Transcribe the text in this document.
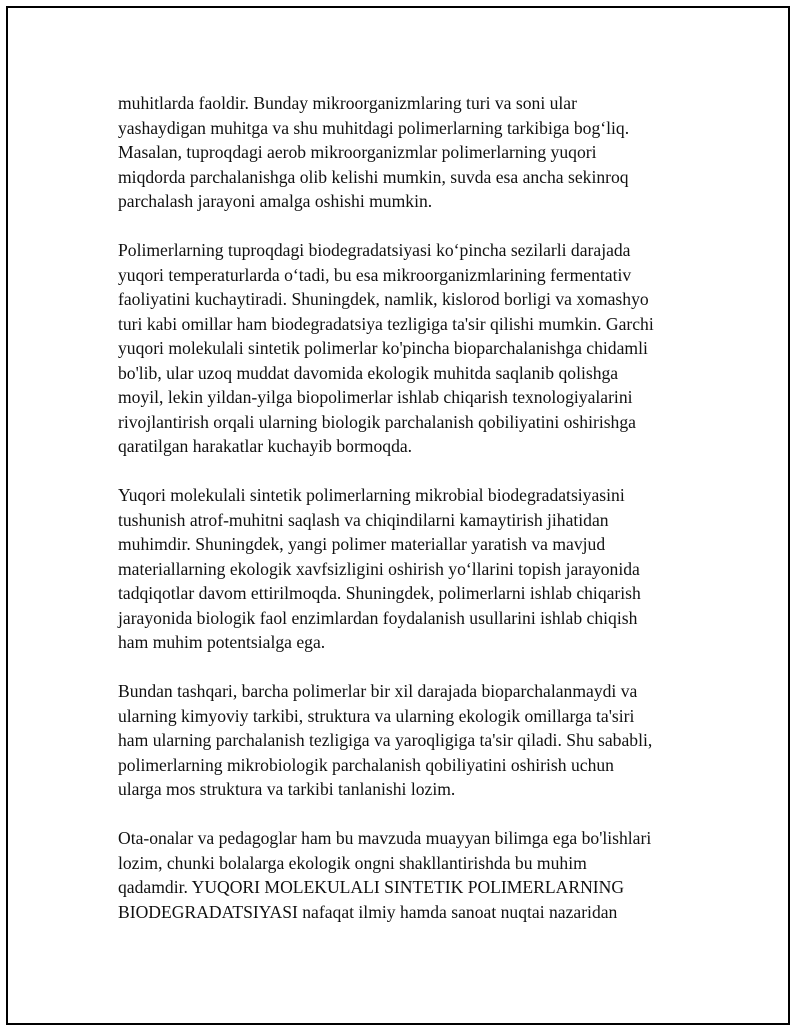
muhitlarda faoldir. Bunday mikroorganizmlaring turi va soni ular
yashaydigan muhitga va shu muhitdagi polimerlarning tarkibiga bog‘liq.
Masalan, tuproqdagi aerob mikroorganizmlar polimerlarning yuqori
miqdorda parchalanishga olib kelishi mumkin, suvda esa ancha sekinroq
parchalash jarayoni amalga oshishi mumkin.

Polimerlarning tuproqdagi biodegradatsiyasi ko‘pincha sezilarli darajada
yuqori temperaturlarda o‘tadi, bu esa mikroorganizmlarining fermentativ
faoliyatini kuchaytiradi. Shuningdek, namlik, kislorod borligi va xomashyo
turi kabi omillar ham biodegradatsiya tezligiga ta'sir qilishi mumkin. Garchi
yuqori molekulali sintetik polimerlar ko'pincha bioparchalanishga chidamli
bo'lib, ular uzoq muddat davomida ekologik muhitda saqlanib qolishga
moyil, lekin yildan-yilga biopolimerlar ishlab chiqarish texnologiyalarini
rivojlantirish orqali ularning biologik parchalanish qobiliyatini oshirishga
qaratilgan harakatlar kuchayib bormoqda.

Yuqori molekulali sintetik polimerlarning mikrobial biodegradatsiyasini
tushunish atrof-muhitni saqlash va chiqindilarni kamaytirish jihatidan
muhimdir. Shuningdek, yangi polimer materiallar yaratish va mavjud
materiallarning ekologik xavfsizligini oshirish yo‘llarini topish jarayonida
tadqiqotlar davom ettirilmoqda. Shuningdek, polimerlarni ishlab chiqarish
jarayonida biologik faol enzimlardan foydalanish usullarini ishlab chiqish
ham muhim potentsialga ega.

Bundan tashqari, barcha polimerlar bir xil darajada bioparchalanmaydi va
ularning kimyoviy tarkibi, struktura va ularning ekologik omillarga ta'siri
ham ularning parchalanish tezligiga va yaroqligiga ta'sir qiladi. Shu sababli,
polimerlarning mikrobiologik parchalanish qobiliyatini oshirish uchun
ularga mos struktura va tarkibi tanlanishi lozim.

Ota-onalar va pedagoglar ham bu mavzuda muayyan bilimga ega bo'lishlari
lozim, chunki bolalarga ekologik ongni shakllantirishda bu muhim
qadamdir. YUQORI MOLEKULALI SINTETIK POLIMERLARNING
BIODEGRADATSIYASI nafaqat ilmiy hamda sanoat nuqtai nazaridan
